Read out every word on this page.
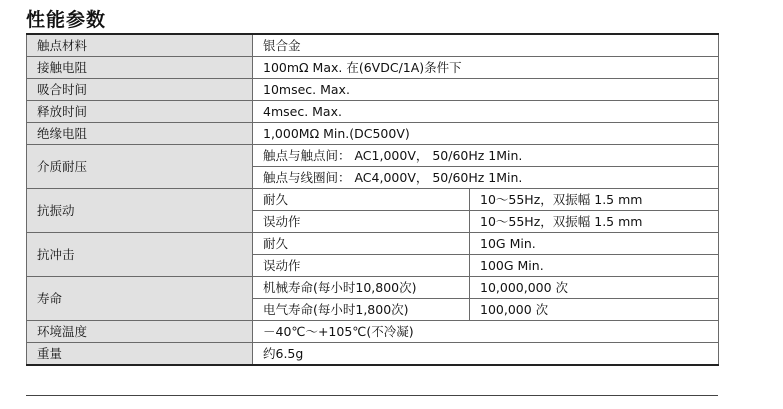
性能参数
触点材料	银合金	
接触电阻	100mΩ Max. 在(6VDC/1A)条件下	
吸合时间	10msec. Max.	
释放时间	4msec. Max.	
绝缘电阻	1,000MΩ Min.(DC500V)	
介质耐压	触点与触点间： AC1,000V， 50/60Hz 1Min.	
	触点与线圈间： AC4,000V， 50/60Hz 1Min.	
抗振动	耐久	10～55Hz，双振幅 1.5 mm
	误动作	10～55Hz，双振幅 1.5 mm
抗冲击	耐久	10G Min.
	误动作	100G Min.
寿命	机械寿命(每小时10,800次)	10,000,000 次
	电气寿命(每小时1,800次)	100,000 次
环境温度	－40℃～+105℃(不冷凝)	
重量	约6.5g	
